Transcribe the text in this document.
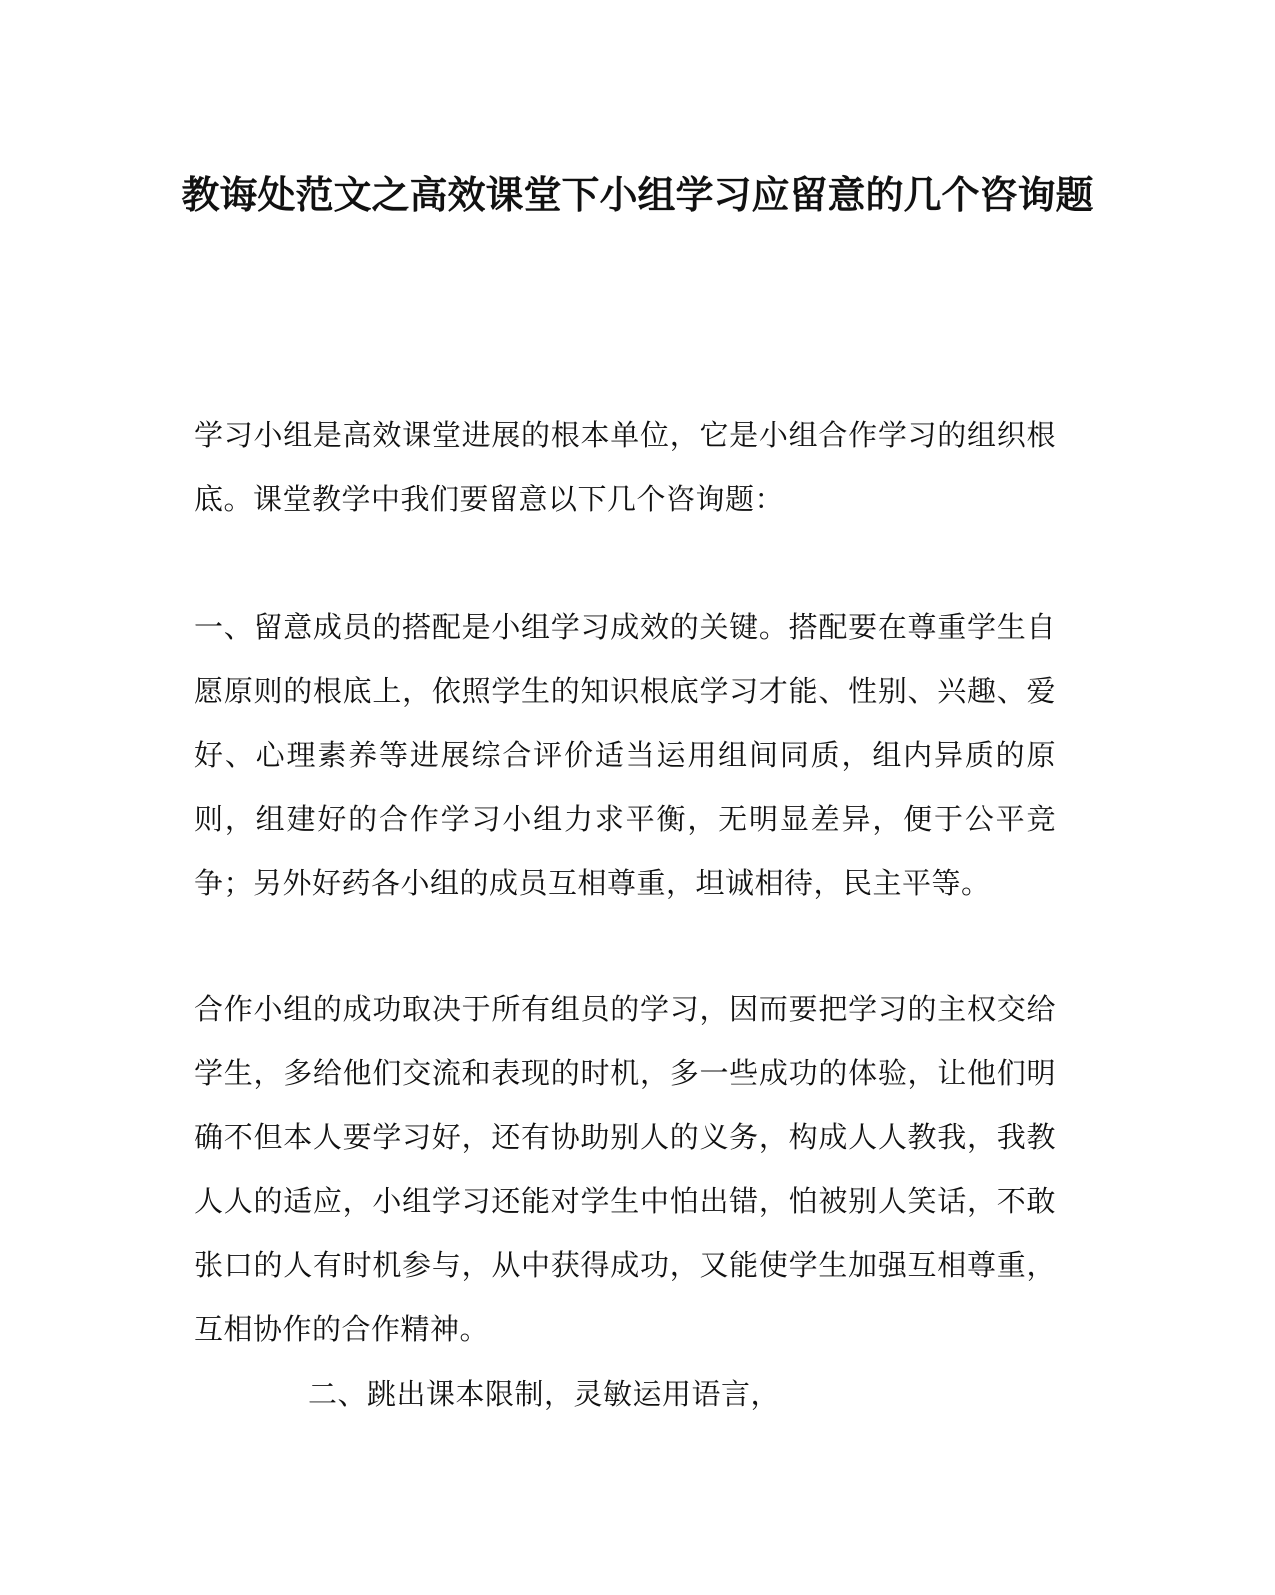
教诲处范文之高效课堂下小组学习应留意的几个咨询题

学习小组是高效课堂进展的根本单位，它是小组合作学习的组织根底。课堂教学中我们要留意以下几个咨询题：

一、留意成员的搭配是小组学习成效的关键。搭配要在尊重学生自愿原则的根底上，依照学生的知识根底学习才能、性别、兴趣、爱好、心理素养等进展综合评价适当运用组间同质，组内异质的原则，组建好的合作学习小组力求平衡，无明显差异，便于公平竞争；另外好药各小组的成员互相尊重，坦诚相待，民主平等。

合作小组的成功取决于所有组员的学习，因而要把学习的主权交给学生，多给他们交流和表现的时机，多一些成功的体验，让他们明确不但本人要学习好，还有协助别人的义务，构成人人教我，我教人人的适应，小组学习还能对学生中怕出错，怕被别人笑话，不敢张口的人有时机参与，从中获得成功，又能使学生加强互相尊重，互相协作的合作精神。

二、跳出课本限制，灵敏运用语言，
